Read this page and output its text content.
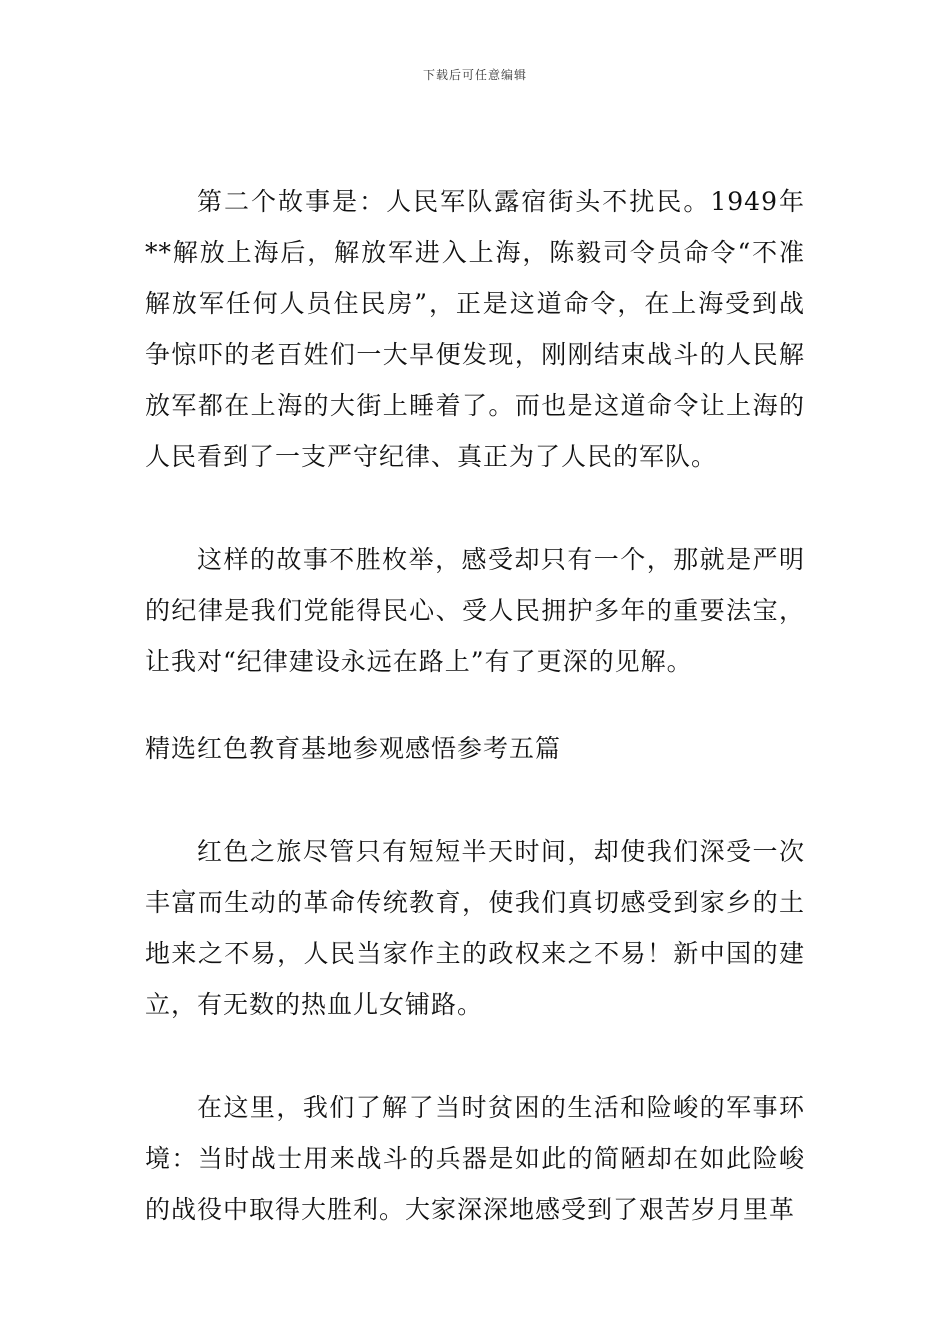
下载后可任意编辑

第二个故事是：人民军队露宿街头不扰民。1949年**解放上海后，解放军进入上海，陈毅司令员命令“不准解放军任何人员住民房”，正是这道命令，在上海受到战争惊吓的老百姓们一大早便发现，刚刚结束战斗的人民解放军都在上海的大街上睡着了。而也是这道命令让上海的人民看到了一支严守纪律、真正为了人民的军队。

这样的故事不胜枚举，感受却只有一个，那就是严明的纪律是我们党能得民心、受人民拥护多年的重要法宝，让我对“纪律建设永远在路上”有了更深的见解。

精选红色教育基地参观感悟参考五篇

红色之旅尽管只有短短半天时间，却使我们深受一次丰富而生动的革命传统教育，使我们真切感受到家乡的土地来之不易，人民当家作主的政权来之不易！新中国的建立，有无数的热血儿女铺路。

在这里，我们了解了当时贫困的生活和险峻的军事环境：当时战士用来战斗的兵器是如此的简陋却在如此险峻的战役中取得大胜利。大家深深地感受到了艰苦岁月里革
